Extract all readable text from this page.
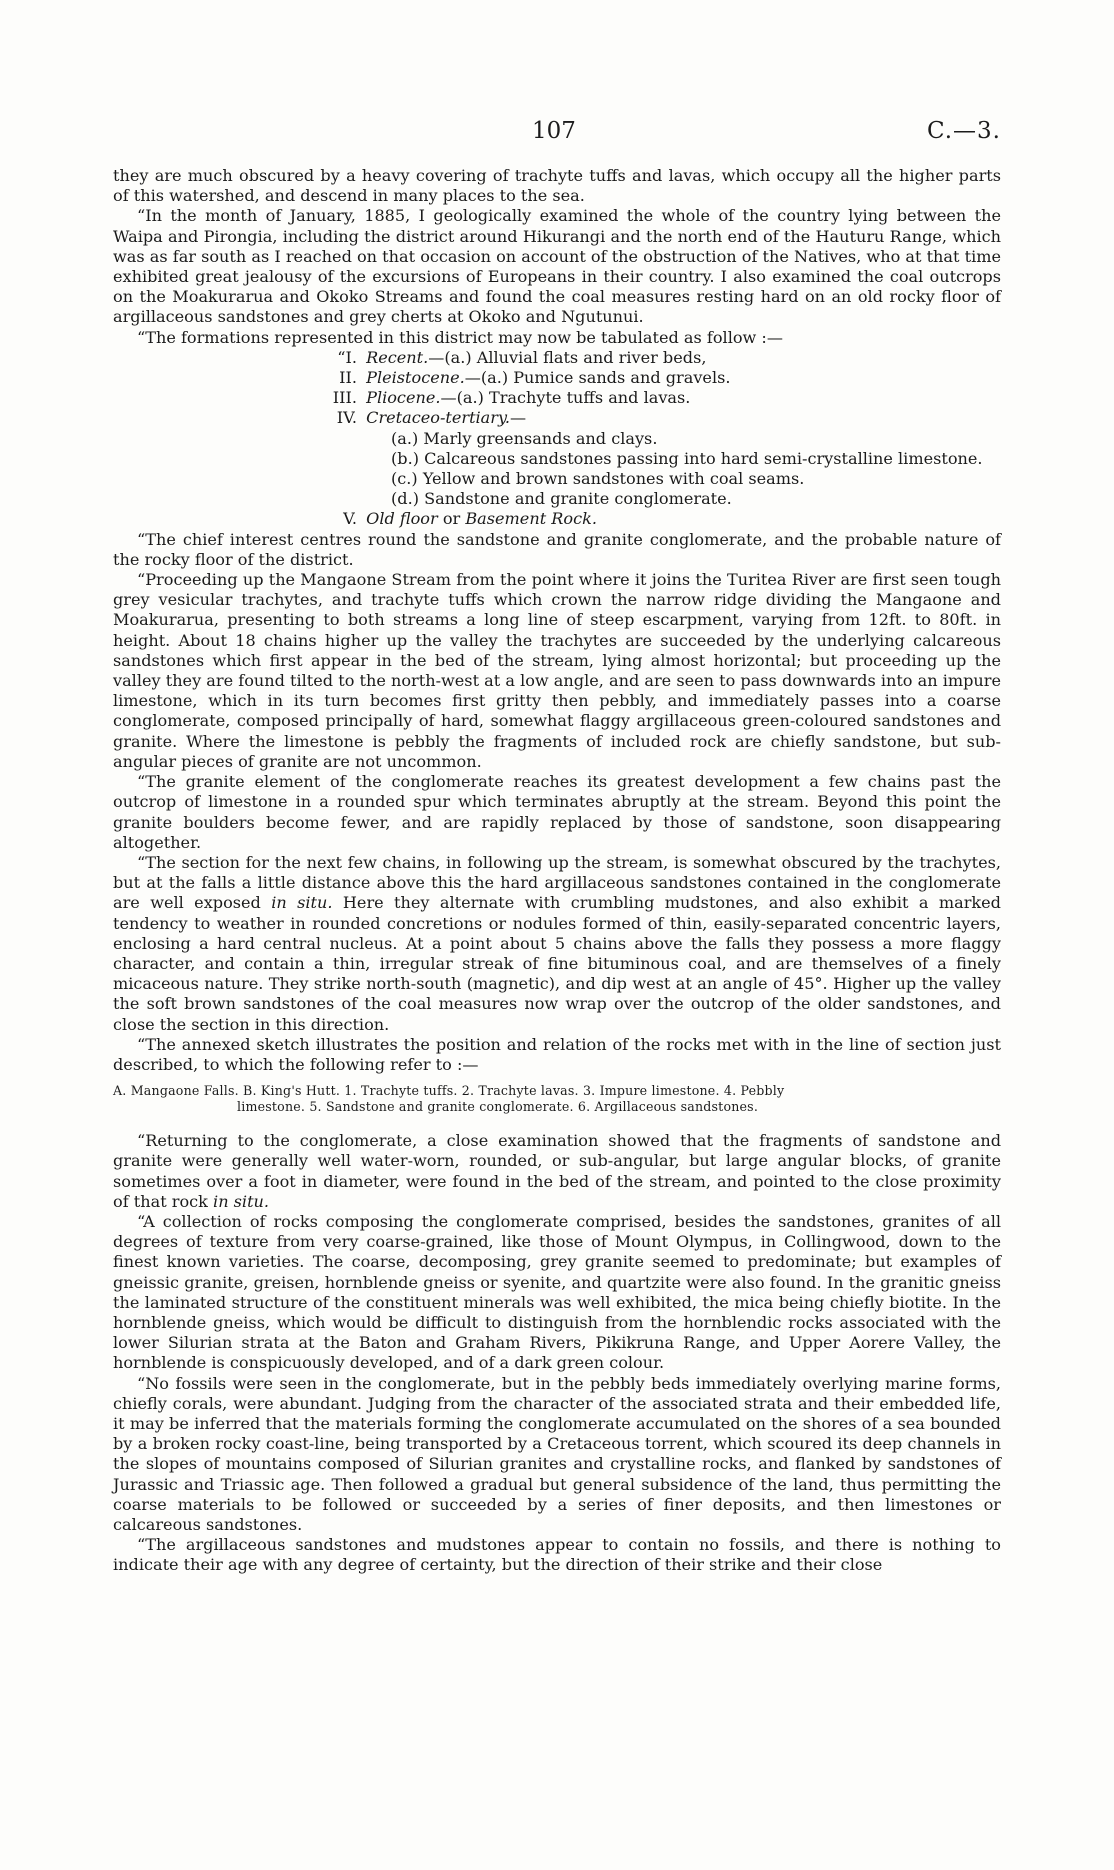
107	C.—3.

they are much obscured by a heavy covering of trachyte tuffs and lavas, which occupy all the higher parts of this watershed, and descend in many places to the sea.

“In the month of January, 1885, I geologically examined the whole of the country lying between the Waipa and Pirongia, including the district around Hikurangi and the north end of the Hauturu Range, which was as far south as I reached on that occasion on account of the obstruction of the Natives, who at that time exhibited great jealousy of the excursions of Europeans in their country. I also examined the coal outcrops on the Moakurarua and Okoko Streams and found the coal measures resting hard on an old rocky floor of argillaceous sandstones and grey cherts at Okoko and Ngutunui.

“The formations represented in this district may now be tabulated as follow :—

“I. Recent.—(a.) Alluvial flats and river beds,
II. Pleistocene.—(a.) Pumice sands and gravels.
III. Pliocene.—(a.) Trachyte tuffs and lavas.
IV. Cretaceo-tertiary.—
(a.) Marly greensands and clays.
(b.) Calcareous sandstones passing into hard semi-crystalline limestone.
(c.) Yellow and brown sandstones with coal seams.
(d.) Sandstone and granite conglomerate.
V. Old floor or Basement Rock.

“The chief interest centres round the sandstone and granite conglomerate, and the probable nature of the rocky floor of the district.

“Proceeding up the Mangaone Stream from the point where it joins the Turitea River are first seen tough grey vesicular trachytes, and trachyte tuffs which crown the narrow ridge dividing the Mangaone and Moakurarua, presenting to both streams a long line of steep escarpment, varying from 12ft. to 80ft. in height. About 18 chains higher up the valley the trachytes are succeeded by the underlying calcareous sandstones which first appear in the bed of the stream, lying almost horizontal; but proceeding up the valley they are found tilted to the north-west at a low angle, and are seen to pass downwards into an impure limestone, which in its turn becomes first gritty then pebbly, and immediately passes into a coarse conglomerate, composed principally of hard, somewhat flaggy argillaceous green-coloured sandstones and granite. Where the limestone is pebbly the fragments of included rock are chiefly sandstone, but sub-angular pieces of granite are not uncommon.

“The granite element of the conglomerate reaches its greatest development a few chains past the outcrop of limestone in a rounded spur which terminates abruptly at the stream. Beyond this point the granite boulders become fewer, and are rapidly replaced by those of sandstone, soon disappearing altogether.

“The section for the next few chains, in following up the stream, is somewhat obscured by the trachytes, but at the falls a little distance above this the hard argillaceous sandstones contained in the conglomerate are well exposed in situ. Here they alternate with crumbling mudstones, and also exhibit a marked tendency to weather in rounded concretions or nodules formed of thin, easily-separated concentric layers, enclosing a hard central nucleus. At a point about 5 chains above the falls they possess a more flaggy character, and contain a thin, irregular streak of fine bituminous coal, and are themselves of a finely micaceous nature. They strike north-south (magnetic), and dip west at an angle of 45°. Higher up the valley the soft brown sandstones of the coal measures now wrap over the outcrop of the older sandstones, and close the section in this direction.

“The annexed sketch illustrates the position and relation of the rocks met with in the line of section just described, to which the following refer to :—

A. Mangaone Falls. B. King's Hutt. 1. Trachyte tuffs. 2. Trachyte lavas. 3. Impure limestone. 4. Pebbly
limestone. 5. Sandstone and granite conglomerate. 6. Argillaceous sandstones.

“Returning to the conglomerate, a close examination showed that the fragments of sandstone and granite were generally well water-worn, rounded, or sub-angular, but large angular blocks, of granite sometimes over a foot in diameter, were found in the bed of the stream, and pointed to the close proximity of that rock in situ.

“A collection of rocks composing the conglomerate comprised, besides the sandstones, granites of all degrees of texture from very coarse-grained, like those of Mount Olympus, in Collingwood, down to the finest known varieties. The coarse, decomposing, grey granite seemed to predominate; but examples of gneissic granite, greisen, hornblende gneiss or syenite, and quartzite were also found. In the granitic gneiss the laminated structure of the constituent minerals was well exhibited, the mica being chiefly biotite. In the hornblende gneiss, which would be difficult to distinguish from the hornblendic rocks associated with the lower Silurian strata at the Baton and Graham Rivers, Pikikruna Range, and Upper Aorere Valley, the hornblende is conspicuously developed, and of a dark green colour.

“No fossils were seen in the conglomerate, but in the pebbly beds immediately overlying marine forms, chiefly corals, were abundant. Judging from the character of the associated strata and their embedded life, it may be inferred that the materials forming the conglomerate accumulated on the shores of a sea bounded by a broken rocky coast-line, being transported by a Cretaceous torrent, which scoured its deep channels in the slopes of mountains composed of Silurian granites and crystalline rocks, and flanked by sandstones of Jurassic and Triassic age. Then followed a gradual but general subsidence of the land, thus permitting the coarse materials to be followed or succeeded by a series of finer deposits, and then limestones or calcareous sandstones.

“The argillaceous sandstones and mudstones appear to contain no fossils, and there is nothing to indicate their age with any degree of certainty, but the direction of their strike and their close
